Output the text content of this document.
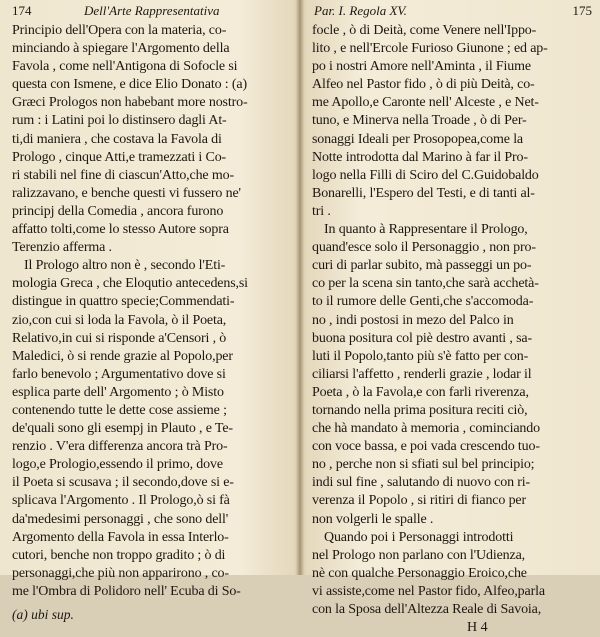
174	Dell'Arte Rappresentativa
Principio dell'Opera con la materia, co-
minciando à spiegare l'Argomento della
Favola , come nell'Antigona di Sofocle si
questa con Ismene, e dice Elio Donato : (a)
Græci Prologos non habebant more nostro-
rum : i Latini poi lo distinsero dagli At-
ti,di maniera , che costava la Favola di
Prologo , cinque Atti,e tramezzati i Co-
ri stabili nel fine di ciascun'Atto,che mo-
ralizzavano, e benche questi vi fussero ne'
principj della Comedia , ancora furono
affatto tolti,come lo stesso Autore sopra
Terenzio afferma .
Il Prologo altro non è , secondo l'Eti-
mologia Greca , che Eloqutio antecedens,si
distingue in quattro specie;Commendati-
zio,con cui si loda la Favola, ò il Poeta,
Relativo,in cui si risponde a'Censori , ò
Maledici, ò si rende grazie al Popolo,per
farlo benevolo ; Argumentativo dove si
esplica parte dell' Argomento ; ò Misto
contenendo tutte le dette cose assieme ;
de'quali sono gli esempj in Plauto , e Te-
renzio . V'era differenza ancora trà Pro-
logo,e Prologio,essendo il primo, dove
il Poeta si scusava ; il secondo,dove si e-
splicava l'Argomento . Il Prologo,ò si fà
da'medesimi personaggi , che sono dell'
Argomento della Favola in essa Interlo-
cutori, benche non troppo gradito ; ò di
personaggi,che più non apparirono , co-
me l'Ombra di Polidoro nell' Ecuba di So-
(a) ubi sup.
Par. I. Regola XV.	175
focle , ò di Deità, come Venere nell'Ippo-
lito , e nell'Ercole Furioso Giunone ; ed ap-
po i nostri Amore nell'Aminta , il Fiume
Alfeo nel Pastor fido , ò di più Deità, co-
me Apollo,e Caronte nell' Alceste , e Net-
tuno, e Minerva nella Troade , ò di Per-
sonaggi Ideali per Prosopopea,come la
Notte introdotta dal Marino à far il Pro-
logo nella Filli di Sciro del C.Guidobaldo
Bonarelli, l'Espero del Testi, e di tanti al-
tri .
In quanto à Rappresentare il Prologo,
quand'esce solo il Personaggio , non pro-
curi di parlar subito, mà passeggi un po-
co per la scena sin tanto,che sarà acchetà-
to il rumore delle Genti,che s'accomoda-
no , indi postosi in mezo del Palco in
buona positura col piè destro avanti , sa-
luti il Popolo,tanto più s'è fatto per con-
ciliarsi l'affetto , renderli grazie , lodar il
Poeta , ò la Favola,e con farli riverenza,
tornando nella prima positura reciti ciò,
che hà mandato à memoria , cominciando
con voce bassa, e poi vada crescendo tuo-
no , perche non si sfiati sul bel principio;
indi sul fine , salutando di nuovo con ri-
verenza il Popolo , si ritiri di fianco per
non volgerli le spalle .
Quando poi i Personaggi introdotti
nel Prologo non parlano con l'Udienza,
nè con qualche Personaggio Eroico,che
vi assiste,come nel Pastor fido, Alfeo,parla
con la Sposa dell'Altezza Reale di Savoia,
H 4
